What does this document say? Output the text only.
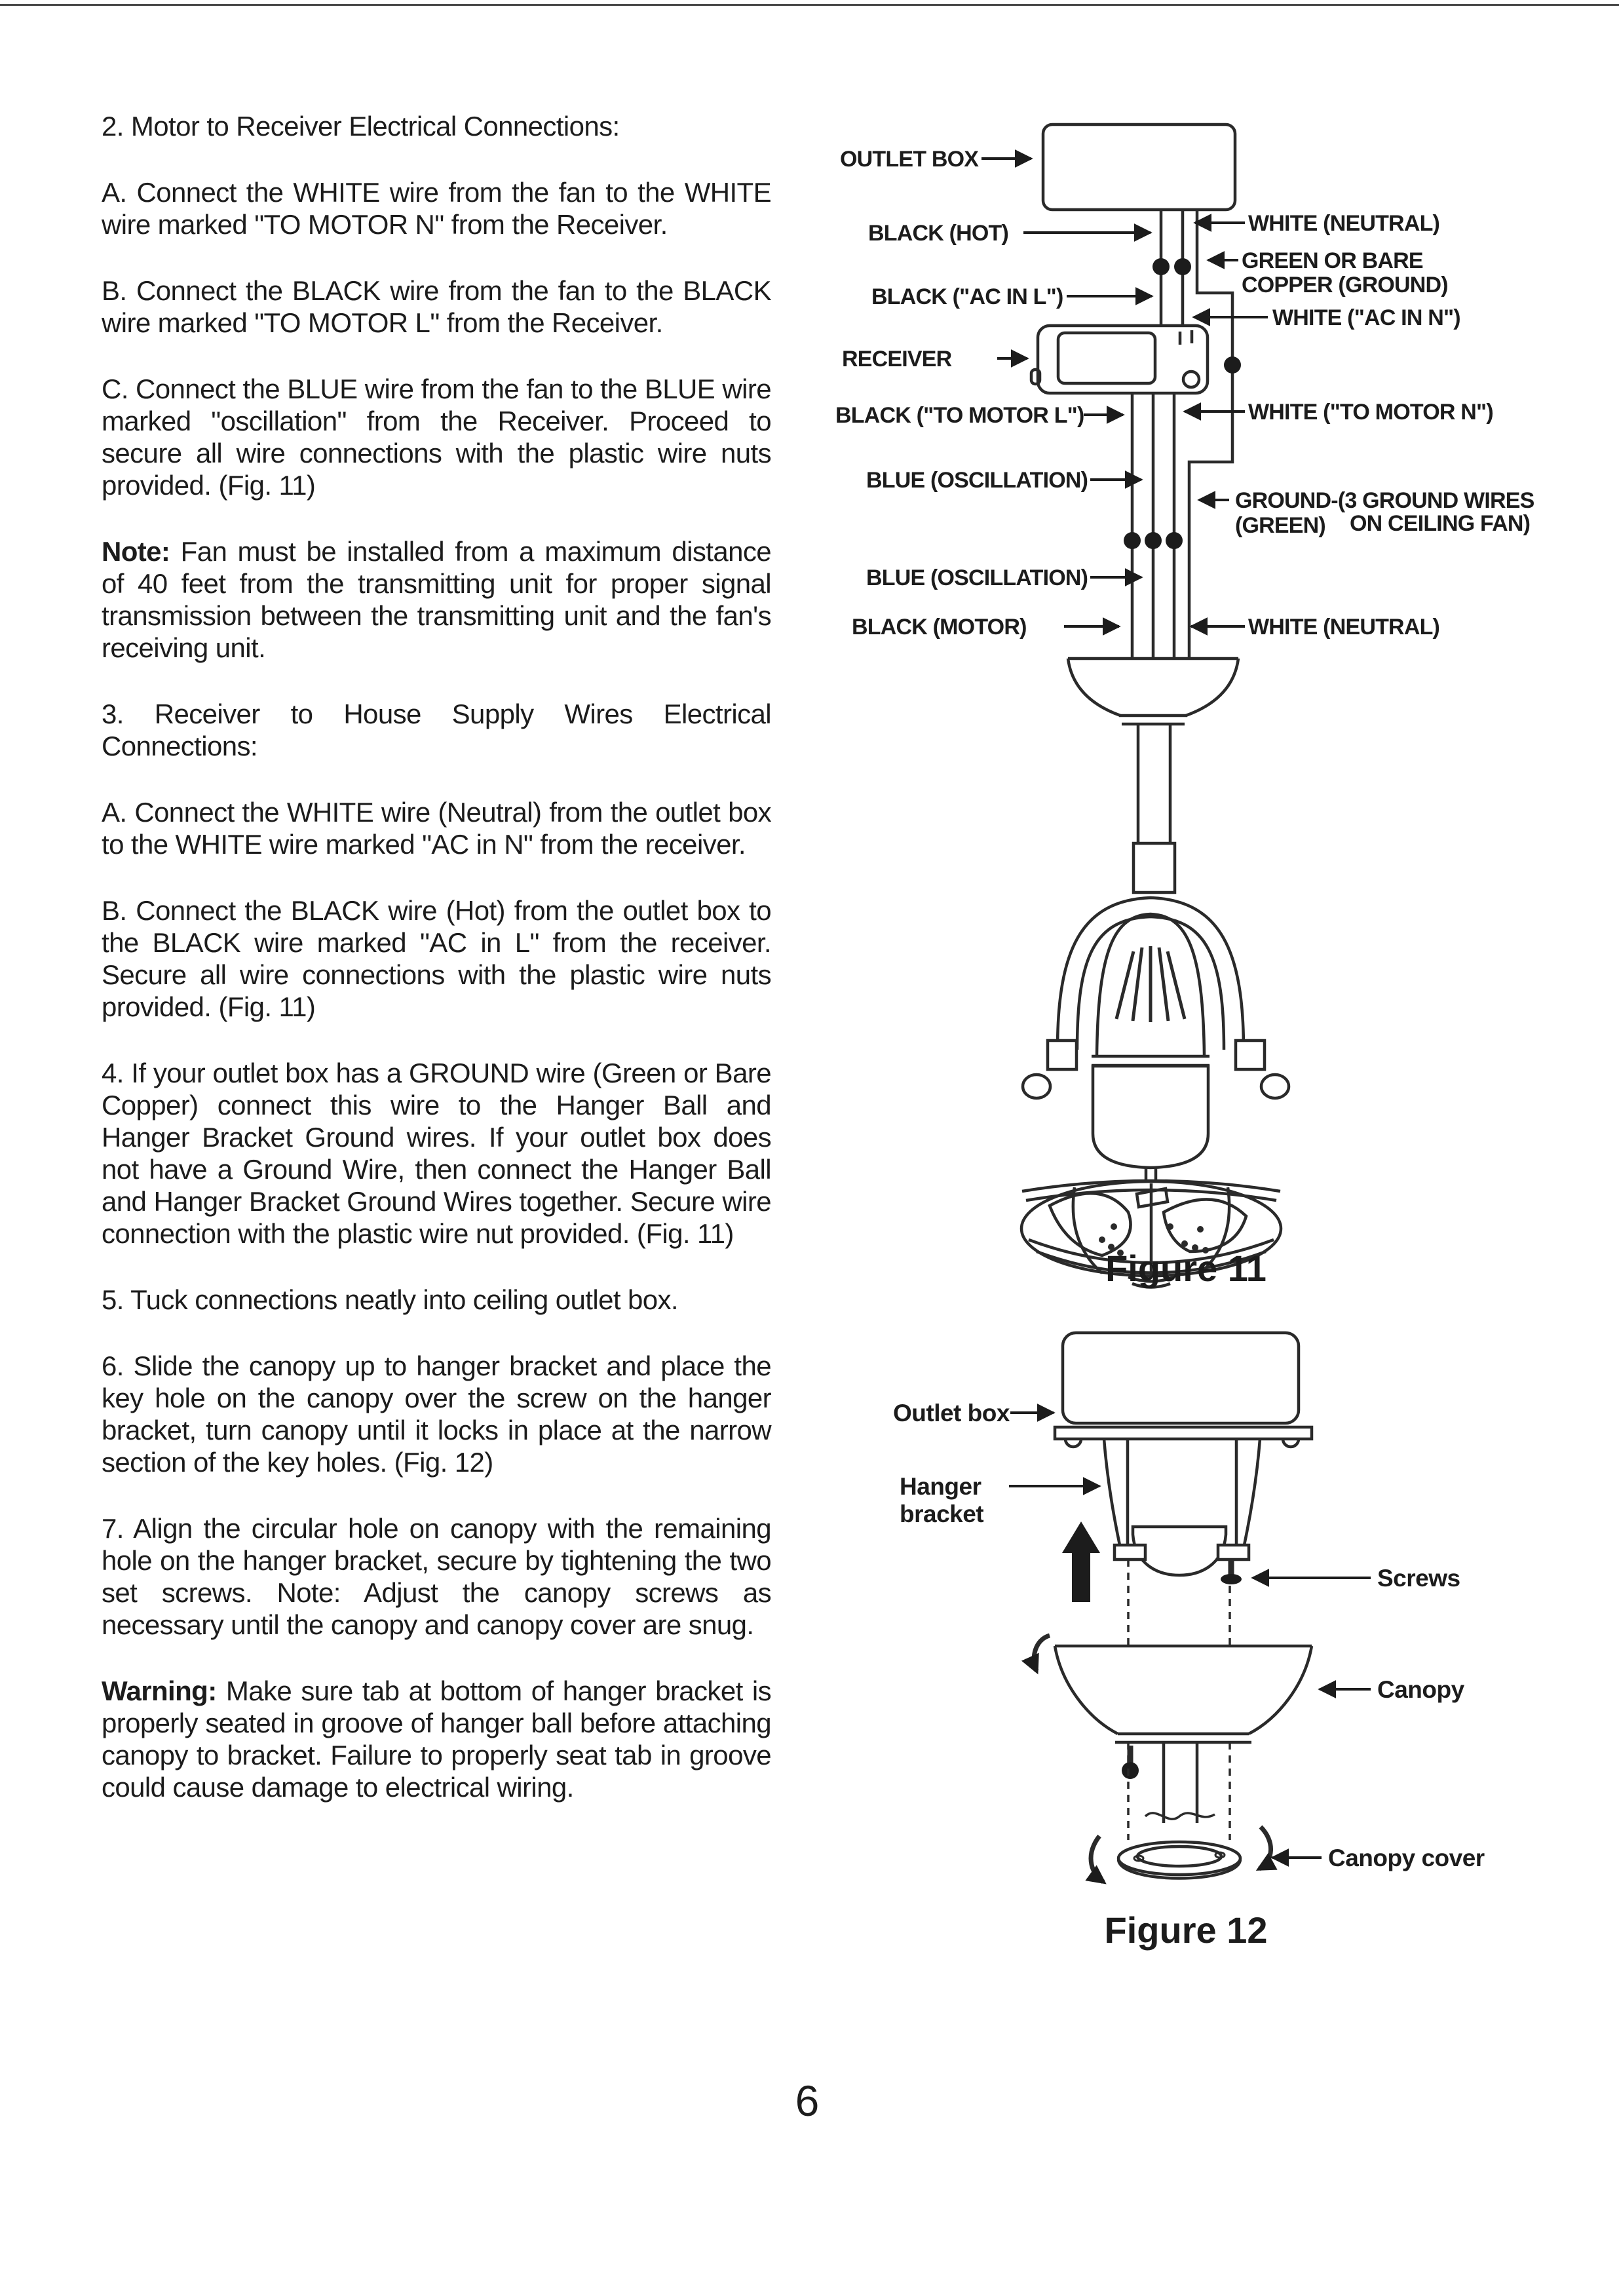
2. Motor to Receiver Electrical Connections:

A. Connect the WHITE wire from the fan to the WHITE wire marked "TO MOTOR N" from the Receiver.

B. Connect the BLACK wire from the fan to the BLACK wire marked "TO MOTOR L" from the Receiver.

C. Connect the BLUE wire from the fan to the BLUE wire marked "oscillation" from the Receiver. Proceed to secure all wire connections with the plastic wire nuts provided. (Fig. 11)

Note: Fan must be installed from a maximum distance of 40 feet from the transmitting unit for proper signal transmission between the transmitting unit and the fan's receiving unit.

3. Receiver to House Supply Wires Electrical Connections:

A. Connect the WHITE wire (Neutral) from the outlet box to the WHITE wire marked "AC in N" from the receiver.

B. Connect the BLACK wire (Hot) from the outlet box to the BLACK wire marked "AC in L" from the receiver. Secure all wire connections with the plastic wire nuts provided. (Fig. 11)

4. If your outlet box has a GROUND wire (Green or Bare Copper) connect this wire to the Hanger Ball and Hanger Bracket Ground wires. If your outlet box does not have a Ground Wire, then connect the Hanger Ball and Hanger Bracket Ground Wires together. Secure wire connection with the plastic wire nut provided. (Fig. 11)

5. Tuck connections neatly into ceiling outlet box.

6. Slide the canopy up to hanger bracket and place the key hole on the canopy over the screw on the hanger bracket, turn canopy until it locks in place at the narrow section of the key holes. (Fig. 12)

7. Align the circular hole on canopy with the remaining hole on the hanger bracket, secure by tightening the two set screws. Note: Adjust the canopy screws as necessary until the canopy and canopy cover are snug.

Warning: Make sure tab at bottom of hanger bracket is properly seated in groove of hanger ball before attaching canopy to bracket. Failure to properly seat tab in groove could cause damage to electrical wiring.

OUTLET BOX
WHITE (NEUTRAL)
BLACK (HOT)
GREEN OR BARE
COPPER (GROUND)
BLACK ("AC IN L")
WHITE ("AC IN N")
RECEIVER
BLACK ("TO MOTOR L")	WHITE ("TO MOTOR N")
BLUE (OSCILLATION)
GROUND-(3 GROUND WIRES
(GREEN) ON CEILING FAN)
BLUE (OSCILLATION)
BLACK (MOTOR)	WHITE (NEUTRAL)
Figure 11
Outlet box
Hanger
bracket
Screws
Canopy
Canopy cover
Figure 12
6
